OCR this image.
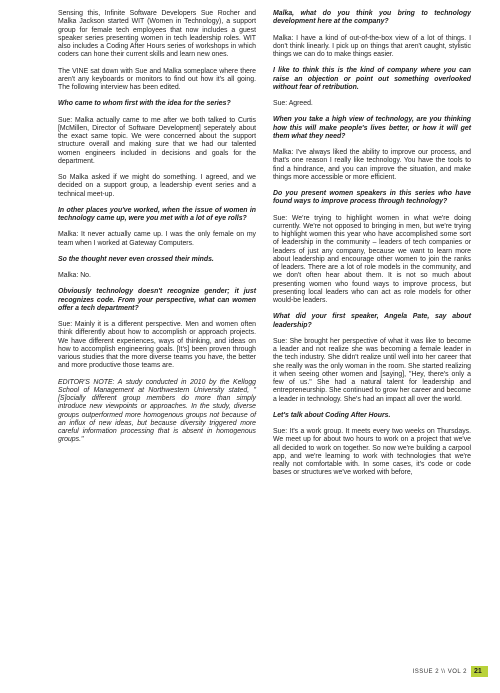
Sensing this, Infinite Software Developers Sue Rocher and Malka Jackson started WIT (Women in Technology), a support group for female tech employees that now includes a guest speaker series presenting women in tech leadership roles. WIT also includes a Coding After Hours series of workshops in which coders can hone their current skills and learn new ones.

The VINE sat down with Sue and Malka someplace where there aren't any keyboards or monitors to find out how it's all going. The following interview has been edited.

Who came to whom first with the idea for the series?

Sue: Malka actually came to me after we both talked to Curtis [McMillen, Director of Software Development] seperately about the exact same topic. We were concerned about the support structure overall and making sure that we had our talented women engineers included in decisions and goals for the department.

So Malka asked if we might do something. I agreed, and we decided on a support group, a leadership event series and a technical meet-up.

In other places you've worked, when the issue of women in technology came up, were you met with a lot of eye rolls?

Malka: It never actually came up. I was the only female on my team when I worked at Gateway Computers.

So the thought never even crossed their minds.

Malka: No.

Obviously technology doesn't recognize gender; it just recognizes code. From your perspective, what can women offer a tech department?

Sue: Mainly it is a different perspective. Men and women often think differently about how to accomplish or approach projects. We have different experiences, ways of thinking, and ideas on how to accomplish engineering goals. [It's] been proven through various studies that the more diverse teams you have, the better and more productive those teams are.

EDITOR'S NOTE: A study conducted in 2010 by the Kellogg School of Management at Northwestern University stated, "[S]ocially different group members do more than simply introduce new viewpoints or approaches. In the study, diverse groups outperformed more homogenous groups not because of an influx of new ideas, but because diversity triggered more careful information processing that is absent in homogenous groups."

Malka, what do you think you bring to technology development here at the company?

Malka: I have a kind of out-of-the-box view of a lot of things. I don't think linearly. I pick up on things that aren't caught, stylistic things we can do to make things easier.

I like to think this is the kind of company where you can raise an objection or point out something overlooked without fear of retribution.

Sue: Agreed.

When you take a high view of technology, are you thinking how this will make people's lives better, or how it will get them what they need?

Malka: I've always liked the ability to improve our process, and that's one reason I really like technology. You have the tools to find a hindrance, and you can improve the situation, and make things more accessible or more efficient.

Do you present women speakers in this series who have found ways to improve process through technology?

Sue: We're trying to highlight women in what we're doing currently. We're not opposed to bringing in men, but we're trying to highlight women this year who have accomplished some sort of leadership in the community – leaders of tech companies or leaders of just any company, because we want to learn more about leadership and encourage other women to join the ranks of leaders. There are a lot of role models in the community, and we don't often hear about them. It is not so much about presenting women who found ways to improve process, but presenting local leaders who can act as role models for other would-be leaders.

What did your first speaker, Angela Pate, say about leadership?

Sue: She brought her perspective of what it was like to become a leader and not realize she was becoming a female leader in the tech industry. She didn't realize until well into her career that she really was the only woman in the room. She started realizing it when seeing other women and [saying], "Hey, there's only a few of us." She had a natural talent for leadership and entrepreneurship. She continued to grow her career and become a leader in technology. She's had an impact all over the world.

Let's talk about Coding After Hours.

Sue: It's a work group. It meets every two weeks on Thursdays. We meet up for about two hours to work on a project that we've all decided to work on together. So now we're building a carpool app, and we're learning to work with technologies that we're really not comfortable with. In some cases, it's code or code bases or structures we've worked with before,

ISSUE 2 \\ VOL 2	21
